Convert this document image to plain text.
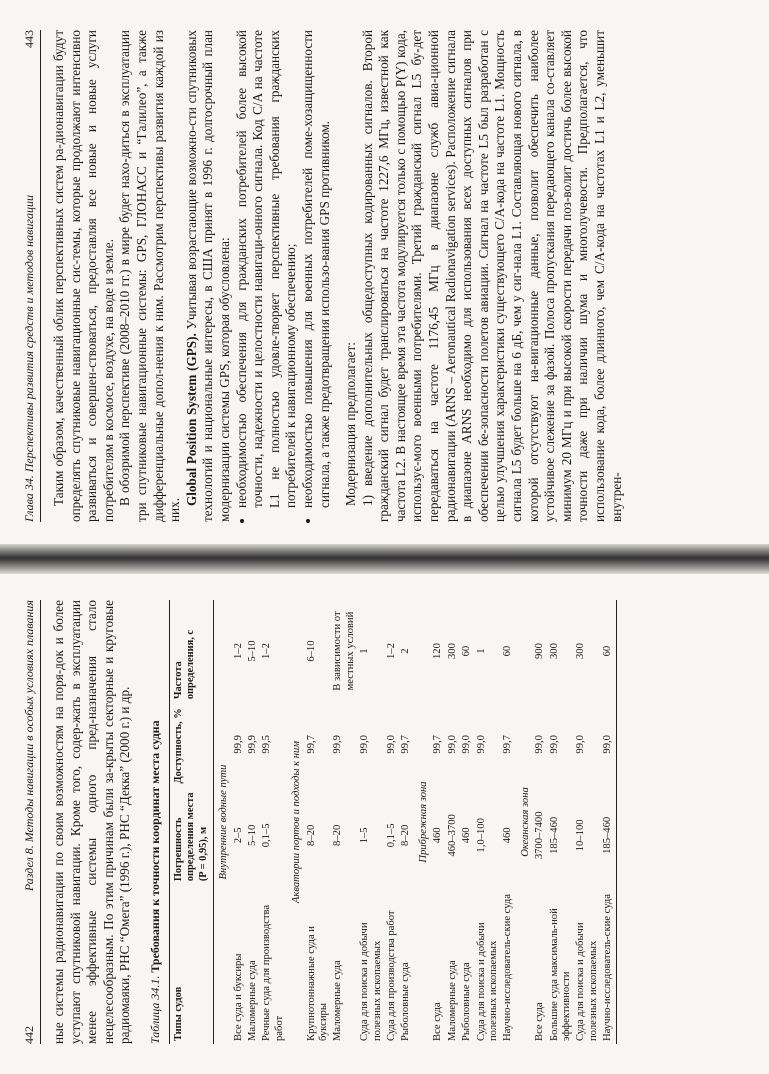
442
Раздел 8. Методы навигации в особых условиях плавания ные системы радионавигации по своим возможностям на поря-док и более уступают спутниковой навигации. Кроме того, содер-жать в эксплуатации менее эффективные системы одного пред-назначения стало нецелесообразным. По этим причинам были за-крыты секторные и круговые радиомаяки, РНС “Омега” (1996 г.), РНС “Декка” (2000 г.) и др. Таблица 34.1. Требования к точности координат места судна
Типы судов	Погрешность определения места (P = 0,95), м	Доступность, %	Частота определения, с
Внутренние водные пути			
Все суда и буксиры	2–5	99,9	1–2
Маломерные суда	5–10	99,9	5–10
Речные суда для производства работ	0,1–5	99,5	1–2
Акватории портов и подходы к ним			
Крупнотоннажные суда и буксиры	8–20	99,7	6–10
Маломерные суда	8–20	99,9	В зависимости от местных условий
Суда для поиска и добычи полезных ископаемых	1–5	99,0	1
Суда для производства работ	0,1–5	99,0	1–2
Рыболовные суда	8–20	99,7	2
Прибрежная зона			
Все суда	460	99,7	120
Маломерные суда	460–3700	99,0	300
Рыболовные суда	460	99,0	60
Суда для поиска и добычи полезных ископаемых	1,0–100	99,0	1
Научно-исследователь-ские суда	460	99,7	60
Океанская зона			
Все суда	3700–7400	99,0	900
Большие суда максималь-ной эффективности	185–460	99,0	300
Суда для поиска и добычи полезных ископаемых	10–100	99,0	300
Научно-исследователь-ские суда	185–460	99,0	60
Глава 34. Перспективы развития средств и методов навигации
443 Таким образом, качественный облик перспективных систем ра-дионавигации будут определять спутниковые навигационные сис-темы, которые продолжают интенсивно развиваться и совершен-ствоваться, предоставляя все новые и новые услуги потребителям в космосе, воздухе, на воде и земле. В обозримой перспективе (2008–2010 гг.) в мире будет нахо-диться в эксплуатации три спутниковые навигационные системы: GPS, ГЛОНАСС и “Галилео”, а также дифференциальные допол-нения к ним. Рассмотрим перспективы развития каждой из них.

Global Position System (GPS). Учитывая возрастающие возможно-сти спутниковых технологий и национальные интересы, в США принят в 1996 г. долгосрочный план модернизации системы GPS, которая обусловлена: • необходимостью обеспечения для гражданских потребителей более высокой точности, надежности и целостности навигаци-онного сигнала. Код C/A на частоте L1 не полностью удовле-творяет перспективные требования гражданских потребителей к навигационному обеспечению; • необходимостью повышения для военных потребителей поме-хозащищенности сигнала, а также предотвращения использо-вания GPS противником. Модернизация предполагает: 1) введение дополнительных общедоступных кодированных сигналов. Второй гражданский сигнал будет транслироваться на частоте 1227,6 МГц, известной как частота L2. В настоящее время эта частота модулируется только с помощью P(Y) кода, использує-мого военными потребителями. Третий гражданский сигнал L5 бу-дет передаваться на частоте 1176,45 МГц в диапазоне служб авиа-ционной радионавигации (ARNS – Aeronautical Radionavigation services). Расположение сигнала в диапазоне ARNS необходимо для использования всех доступных сигналов при обеспечении бе-зопасности полетов авиации. Сигнал на частоте L5 был разработан с целью улучшения характеристики существующего C/A-кода на частоте L1. Мощность сигнала L5 будет больше на 6 дБ, чем у сиг-нала L1. Составляющая нового сигнала, в которой отсутствуют на-вигационные данные, позволит обеспечить наиболее устойчивое слежение за фазой. Полоса пропускания передающего канала со-ставляет минимум 20 МГц и при высокой скорости передачи поз-волит достичь более высокой точности даже при наличии шума и многолучевости. Предполагается, что использование кода, более длинного, чем C/A-кода на частотах L1 и L2, уменьшит внутрен-
